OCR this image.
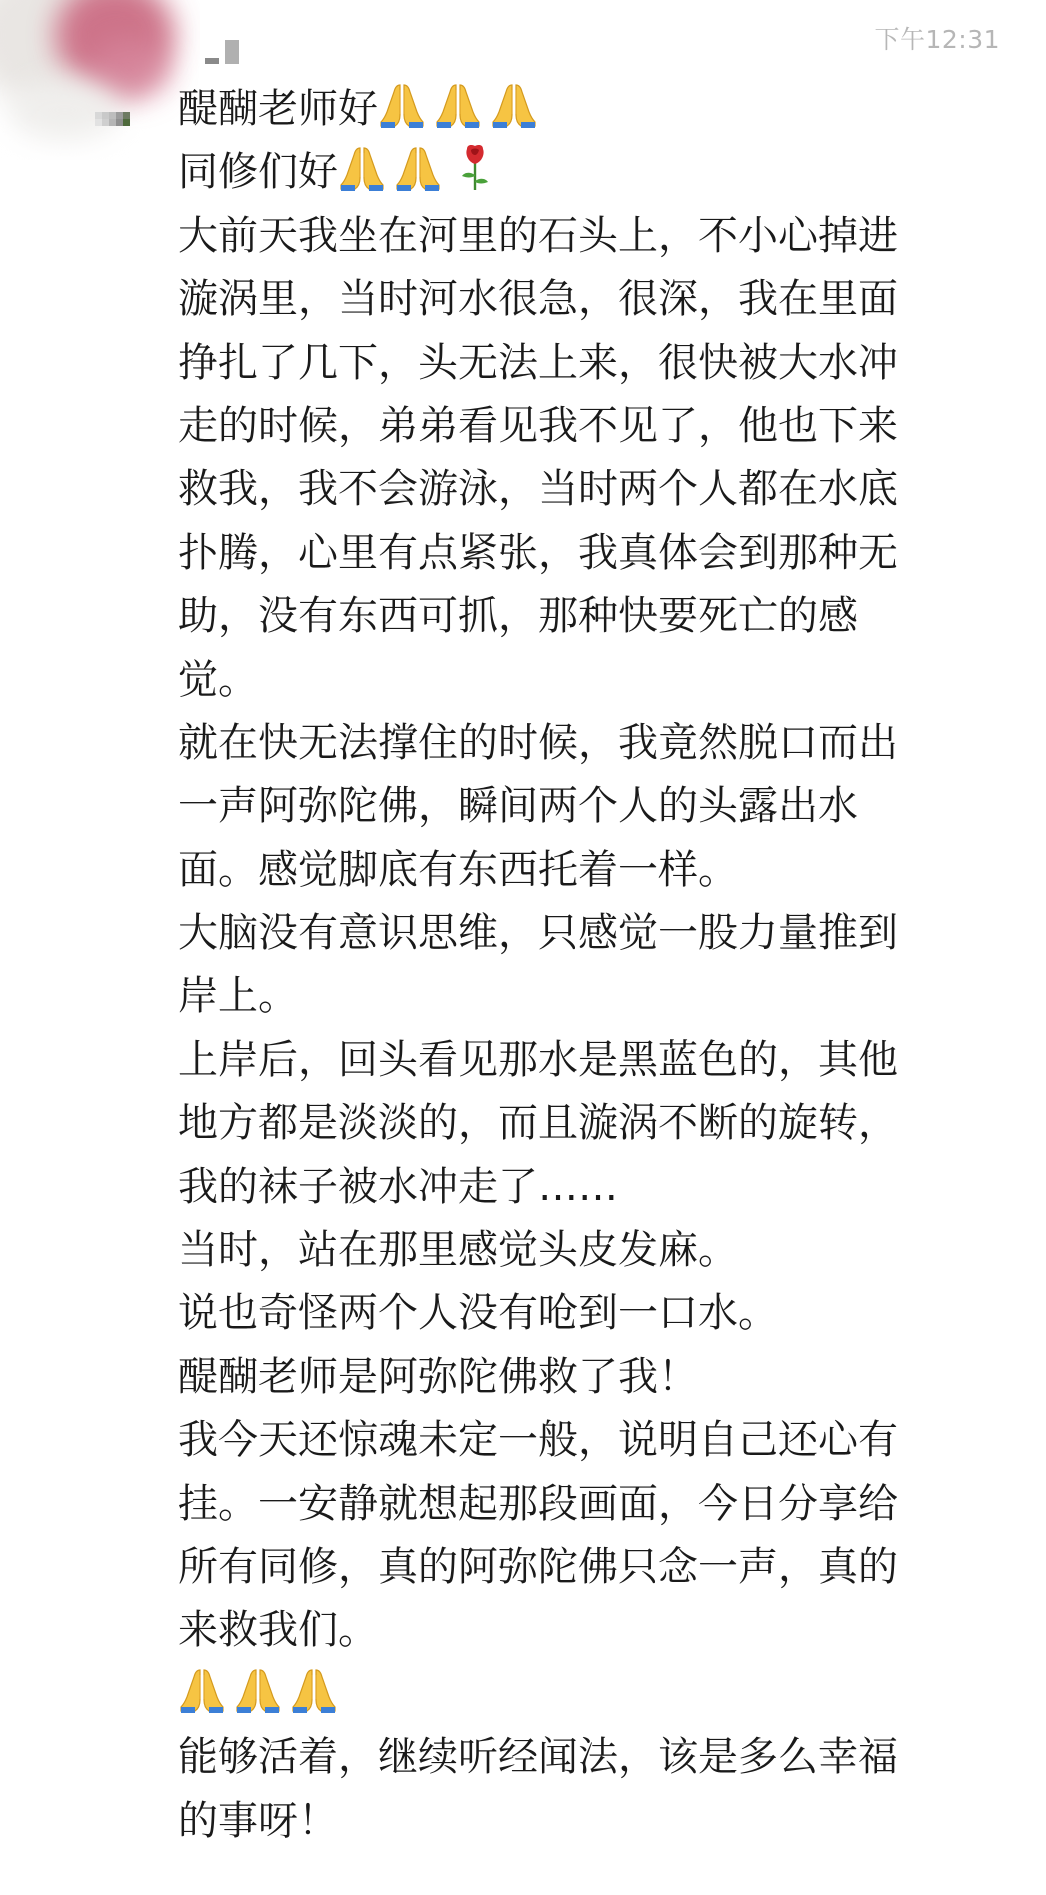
下午12:31
醍醐老师好
同修们好
大前天我坐在河里的石头上，不小心掉进
漩涡里，当时河水很急，很深，我在里面
挣扎了几下，头无法上来，很快被大水冲
走的时候，弟弟看见我不见了，他也下来
救我，我不会游泳，当时两个人都在水底
扑腾，心里有点紧张，我真体会到那种无
助，没有东西可抓，那种快要死亡的感
觉。
就在快无法撑住的时候，我竟然脱口而出
一声阿弥陀佛，瞬间两个人的头露出水
面。感觉脚底有东西托着一样。
大脑没有意识思维，只感觉一股力量推到
岸上。
上岸后，回头看见那水是黑蓝色的，其他
地方都是淡淡的，而且漩涡不断的旋转，
我的袜子被水冲走了……
当时，站在那里感觉头皮发麻。
说也奇怪两个人没有呛到一口水。
醍醐老师是阿弥陀佛救了我！
我今天还惊魂未定一般，说明自己还心有
挂。一安静就想起那段画面，今日分享给
所有同修，真的阿弥陀佛只念一声，真的
来救我们。
能够活着，继续听经闻法，该是多么幸福
的事呀！
